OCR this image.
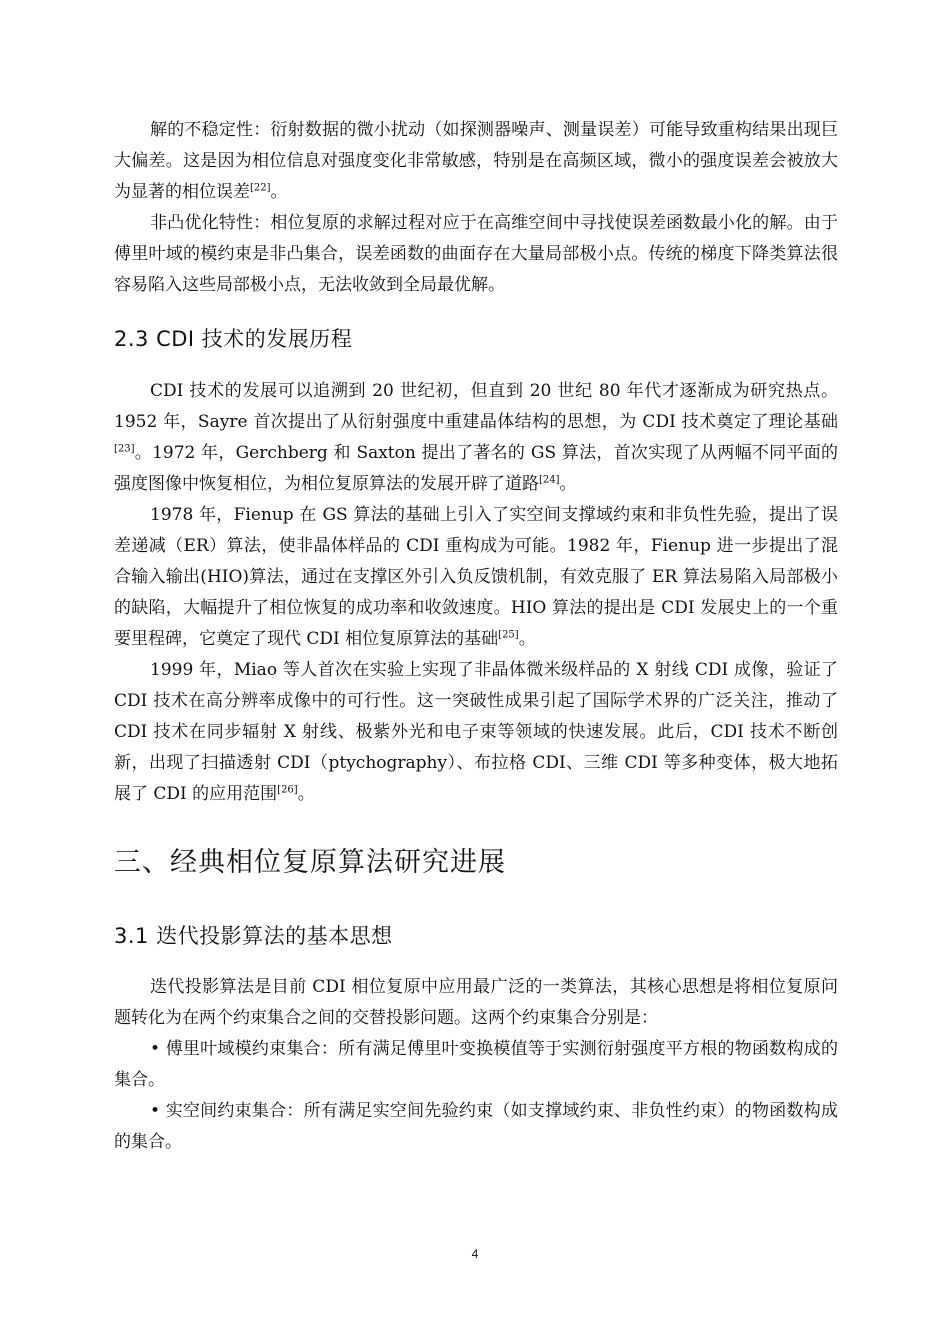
解的不稳定性：衍射数据的微小扰动（如探测器噪声、测量误差）可能导致重构结果出现巨大偏差。这是因为相位信息对强度变化非常敏感，特别是在高频区域，微小的强度误差会被放大为显著的相位误差[22]。

非凸优化特性：相位复原的求解过程对应于在高维空间中寻找使误差函数最小化的解。由于傅里叶域的模约束是非凸集合，误差函数的曲面存在大量局部极小点。传统的梯度下降类算法很容易陷入这些局部极小点，无法收敛到全局最优解。

2.3 CDI 技术的发展历程

CDI 技术的发展可以追溯到 20 世纪初，但直到 20 世纪 80 年代才逐渐成为研究热点。1952 年，Sayre 首次提出了从衍射强度中重建晶体结构的思想，为 CDI 技术奠定了理论基础[23]。1972 年，Gerchberg 和 Saxton 提出了著名的 GS 算法，首次实现了从两幅不同平面的强度图像中恢复相位，为相位复原算法的发展开辟了道路[24]。

1978 年，Fienup 在 GS 算法的基础上引入了实空间支撑域约束和非负性先验，提出了误差递减（ER）算法，使非晶体样品的 CDI 重构成为可能。1982 年，Fienup 进一步提出了混合输入输出(HIO)算法，通过在支撑区外引入负反馈机制，有效克服了 ER 算法易陷入局部极小的缺陷，大幅提升了相位恢复的成功率和收敛速度。HIO 算法的提出是 CDI 发展史上的一个重要里程碑，它奠定了现代 CDI 相位复原算法的基础[25]。

1999 年，Miao 等人首次在实验上实现了非晶体微米级样品的 X 射线 CDI 成像，验证了 CDI 技术在高分辨率成像中的可行性。这一突破性成果引起了国际学术界的广泛关注，推动了 CDI 技术在同步辐射 X 射线、极紫外光和电子束等领域的快速发展。此后，CDI 技术不断创新，出现了扫描透射 CDI（ptychography）、布拉格 CDI、三维 CDI 等多种变体，极大地拓展了 CDI 的应用范围[26]。

三、经典相位复原算法研究进展
3.1 迭代投影算法的基本思想

迭代投影算法是目前 CDI 相位复原中应用最广泛的一类算法，其核心思想是将相位复原问题转化为在两个约束集合之间的交替投影问题。这两个约束集合分别是：

• 傅里叶域模约束集合：所有满足傅里叶变换模值等于实测衍射强度平方根的物函数构成的集合。

• 实空间约束集合：所有满足实空间先验约束（如支撑域约束、非负性约束）的物函数构成的集合。

4
